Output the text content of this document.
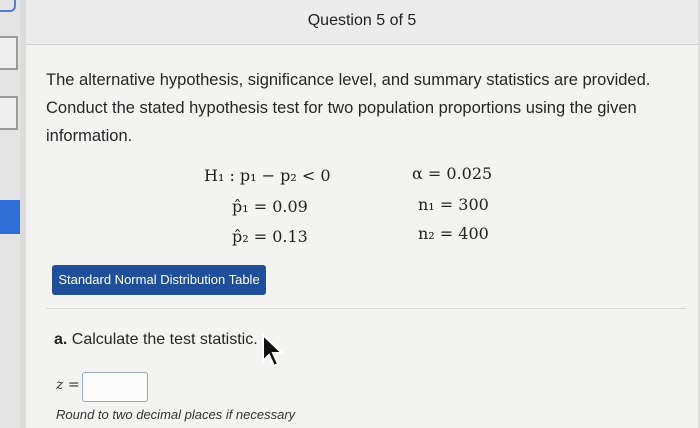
Question 5 of 5
The alternative hypothesis, significance level, and summary statistics are provided. Conduct the stated hypothesis test for two population proportions using the given information.
H₁ : p₁ − p₂ < 0
p̂₁ = 0.09
p̂₂ = 0.13
α = 0.025
n₁ = 300
n₂ = 400
Standard Normal Distribution Table
a. Calculate the test statistic.
z =
Round to two decimal places if necessary
